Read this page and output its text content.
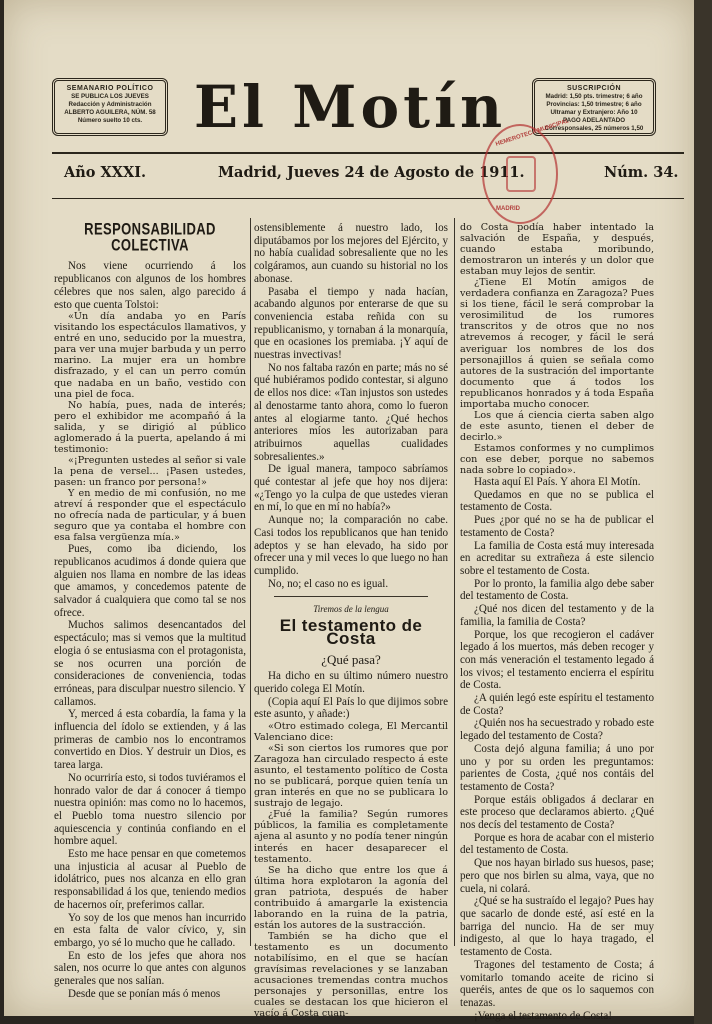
SEMANARIO POLÍTICO
SE PUBLICA LOS JUEVES
Redacción y Administración
ALBERTO AGUILERA, NÚM. 58
Número suelto 10 cts. El Motín	SUSCRIPCIÓN
Madrid: 1,50 pts. trimestre; 6 año
Provincias: 1,50 trimestre; 6 año
Ultramar y Extranjero: Año 10
PAGO ADELANTADO
Corresponsales, 25 números 1,50
Año XXXI.	Madrid, Jueves 24 de Agosto de 1911.	Núm. 34.
HEMEROTECA MUNICIPAL
MADRID
RESPONSABILIDAD COLECTIVA

Nos viene ocurriendo á los republicanos con algunos de los hombres célebres que nos salen, algo parecido á esto que cuenta Tolstoi:

«Un día andaba yo en París visitando los espectáculos llamativos, y entré en uno, seducido por la muestra, para ver una mujer barbuda y un perro marino. La mujer era un hombre disfrazado, y el can un perro común que nadaba en un baño, vestido con una piel de foca.

No había, pues, nada de interés; pero el exhibidor me acompañó á la salida, y se dirigió al público aglomerado á la puerta, apelando á mi testimonio:

«¡Pregunten ustedes al señor si vale la pena de versel... ¡Pasen ustedes, pasen: un franco por persona!»

Y en medio de mi confusión, no me atreví á responder que el espectáculo no ofrecía nada de particular, y á buen seguro que ya contaba el hombre con esa falsa vergüenza mía.»

Pues, como iba diciendo, los republicanos acudimos á donde quiera que alguien nos llama en nombre de las ideas que amamos, y concedemos patente de salvador á cualquiera que como tal se nos ofrece.

Muchos salimos desencantados del espectáculo; mas si vemos que la multitud elogia ó se entusiasma con el protagonista, se nos ocurren una porción de consideraciones de conveniencia, todas erróneas, para disculpar nuestro silencio. Y callamos.

Y, merced á esta cobardía, la fama y la influencia del ídolo se extienden, y á las primeras de cambio nos lo encontramos convertido en Dios. Y destruir un Dios, es tarea larga.

No ocurriría esto, si todos tuviéramos el honrado valor de dar á conocer á tiempo nuestra opinión: mas como no lo hacemos, el Pueblo toma nuestro silencio por aquiescencia y continúa confiando en el hombre aquel.

Esto me hace pensar en que cometemos una injusticia al acusar al Pueblo de idolátrico, pues nos alcanza en ello gran responsabilidad á los que, teniendo medios de hacernos oír, preferimos callar.

Yo soy de los que menos han incurrido en esta falta de valor cívico, y, sin embargo, yo sé lo mucho que he callado.

En esto de los jefes que ahora nos salen, nos ocurre lo que antes con algunos generales que nos salían.

Desde que se ponían más ó menos

ostensiblemente á nuestro lado, los diputábamos por los mejores del Ejército, y no había cualidad sobresaliente que no les colgáramos, aun cuando su historial no los abonase.

Pasaba el tiempo y nada hacían, acabando algunos por enterarse de que su conveniencia estaba reñida con su republicanismo, y tornaban á la monarquía, que en ocasiones los premiaba. ¡Y aquí de nuestras invectivas!

No nos faltaba razón en parte; más no sé qué hubiéramos podido contestar, si alguno de ellos nos dice: «Tan injustos son ustedes al denostarme tanto ahora, como lo fueron antes al elogiarme tanto. ¿Qué hechos anteriores míos les autorizaban para atribuirnos aquellas cualidades sobresalientes.»

De igual manera, tampoco sabríamos qué contestar al jefe que hoy nos dijera: «¿Tengo yo la culpa de que ustedes vieran en mí, lo que en mí no había?»

Aunque no; la comparación no cabe. Casi todos los republicanos que han tenido adeptos y se han elevado, ha sido por ofrecer una y mil veces lo que luego no han cumplido.

No, no; el caso no es igual.

Tiremos de la lengua
El testamento de Costa
¿Qué pasa?

Ha dicho en su último número nuestro querido colega El Motín.

(Copia aquí El País lo que dijimos sobre este asunto, y añade:)

«Otro estimado colega, El Mercantil Valenciano dice:

«Si son ciertos los rumores que por Zaragoza han circulado respecto á este asunto, el testamento político de Costa no se publicará, porque quien tenía un gran interés en que no se publicara lo sustrajo de legajo.

¿Fué la familia? Según rumores públicos, la familia es completamente ajena al asunto y no podía tener ningún interés en hacer desaparecer el testamento.

Se ha dicho que entre los que á última hora explotaron la agonía del gran patriota, después de haber contribuido á amargarle la existencia laborando en la ruina de la patria, están los autores de la sustracción.

También se ha dicho que el testamento es un documento notabilísimo, en el que se hacían gravísimas revelaciones y se lanzaban acusaciones tremendas contra muchos personajes y personillas, entre los cuales se destacan los que hicieron el vacío á Costa cuan-

do Costa podía haber intentado la salvación de España, y después, cuando estaba moribundo, demostraron un interés y un dolor que estaban muy lejos de sentir.

¿Tiene El Motín amigos de verdadera confianza en Zaragoza? Pues si los tiene, fácil le será comprobar la verosimilitud de los rumores transcritos y de otros que no nos atrevemos á recoger, y fácil le será averiguar los nombres de los dos personajillos á quien se señala como autores de la sustración del importante documento que á todos los republicanos honrados y á toda España importaba mucho conocer.

Los que á ciencia cierta saben algo de este asunto, tienen el deber de decirlo.»

Estamos conformes y no cumplimos con ese deber, porque no sabemos nada sobre lo copiado».

Hasta aquí El País. Y ahora El Motín.

Quedamos en que no se publica el testamento de Costa.

Pues ¿por qué no se ha de publicar el testamento de Costa?

La familia de Costa está muy interesada en acreditar su extrañeza á este silencio sobre el testamento de Costa.

Por lo pronto, la familia algo debe saber del testamento de Costa.

¿Qué nos dicen del testamento y de la familia, la familia de Costa?

Porque, los que recogieron el cadáver legado á los muertos, más deben recoger y con más veneración el testamento legado á los vivos; el testamento encierra el espíritu de Costa.

¿A quién legó este espíritu el testamento de Costa?

¿Quién nos ha secuestrado y robado este legado del testamento de Costa?

Costa dejó alguna familia; á uno por uno y por su orden les preguntamos: parientes de Costa, ¿qué nos contáis del testamento de Costa?

Porque estáis obligados á declarar en este proceso que declaramos abierto. ¿Qué nos decís del testamento de Costa?

Porque es hora de acabar con el misterio del testamento de Costa.

Que nos hayan birlado sus huesos, pase; pero que nos birlen su alma, vaya, que no cuela, ni colará.

¿Qué se ha sustraído el legajo? Pues hay que sacarlo de donde esté, así esté en la barriga del nuncio. Ha de ser muy indigesto, al que lo haya tragado, el testamento de Costa.

Tragones del testamento de Costa; á vomitarlo tomando aceite de ricino si queréis, antes de que os lo saquemos con tenazas.

¡Venga el testamento de Costa!
